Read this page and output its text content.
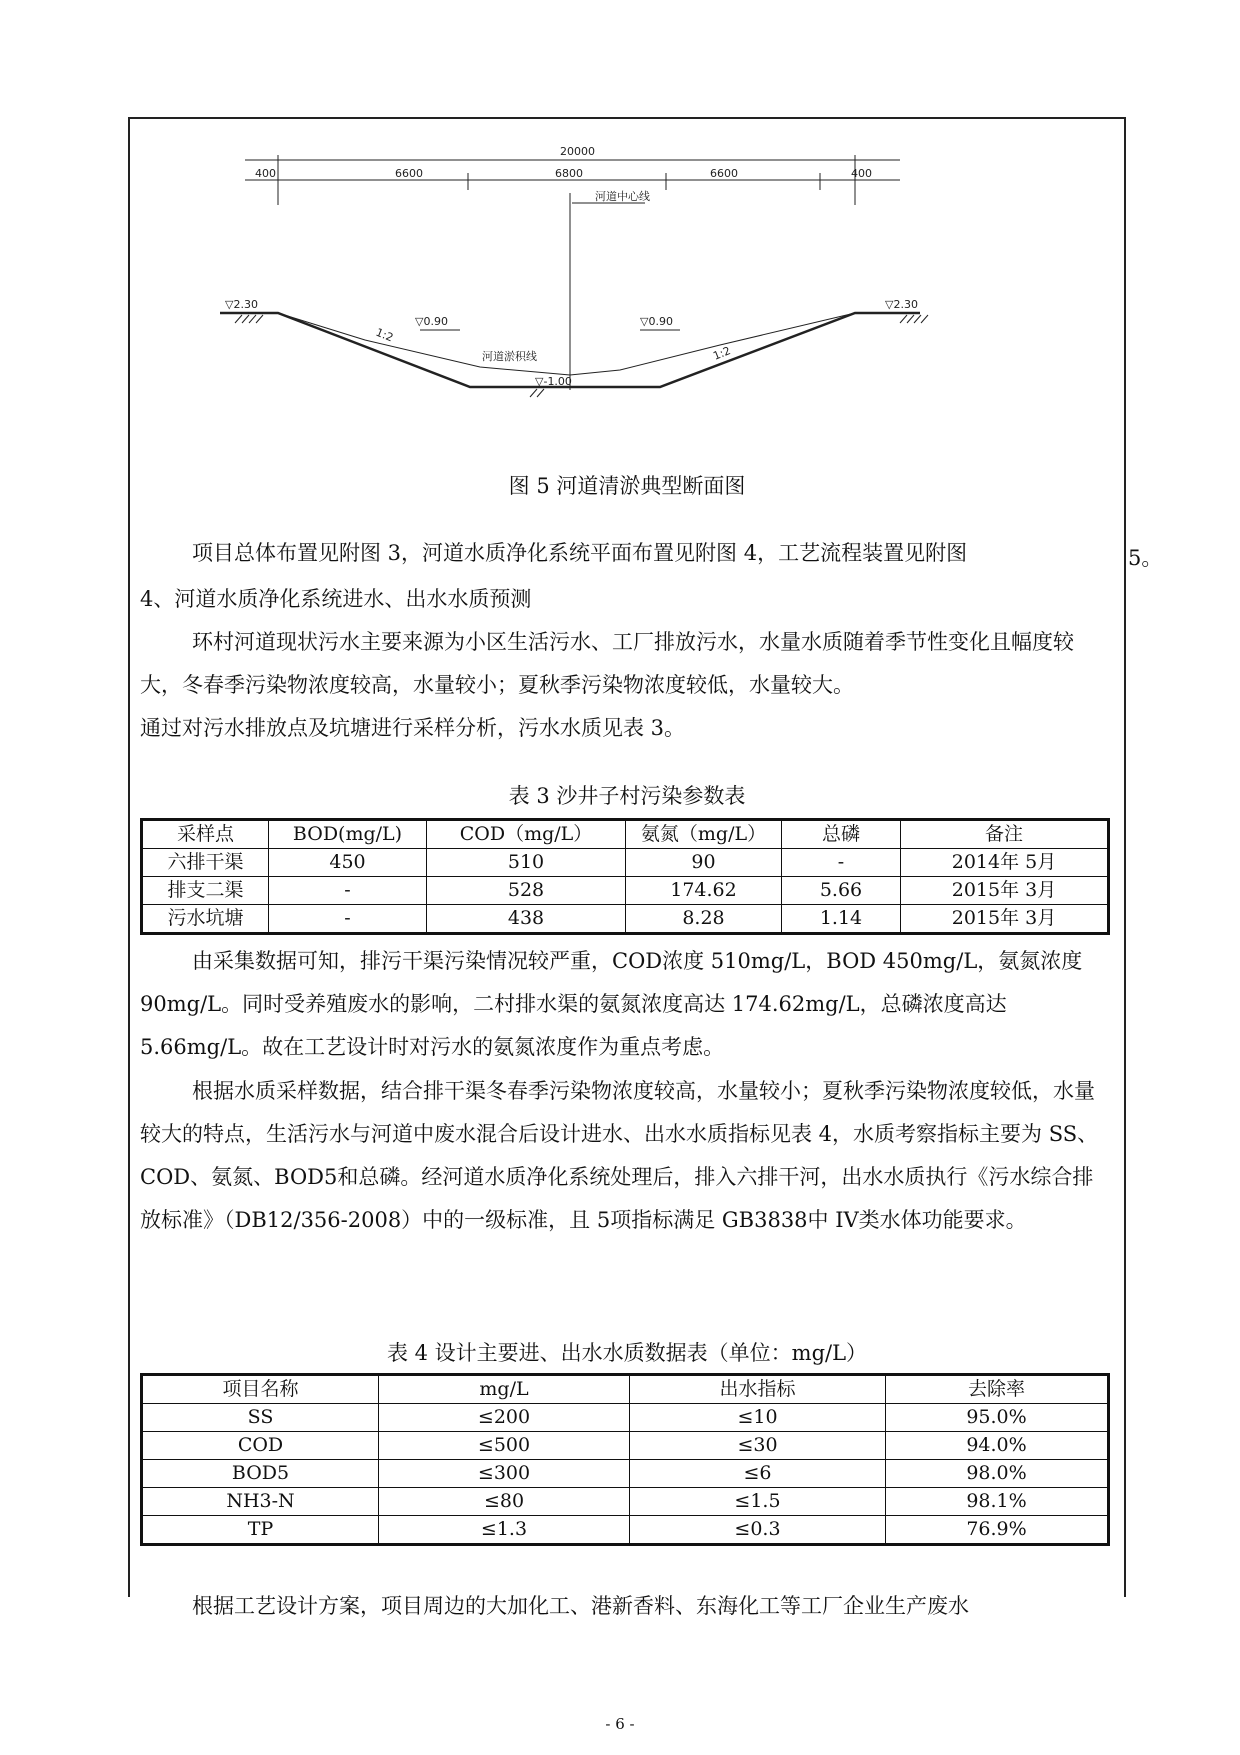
20000
400	6600	6800	6600	400
河道中心线
▽2.30	▽2.30
▽0.90	▽0.90
▽-1.00
1:2
1:2
河道淤积线
图 5 河道清淤典型断面图

项目总体布置见附图 3，河道水质净化系统平面布置见附图 4，工艺流程装置见附图	5。

4、河道水质净化系统进水、出水水质预测

环村河道现状污水主要来源为小区生活污水、工厂排放污水，水量水质随着季节性变化且幅度较大，冬春季污染物浓度较高，水量较小；夏秋季污染物浓度较低，水量较大。
通过对污水排放点及坑塘进行采样分析，污水水质见表 3。

表 3 沙井子村污染参数表
采样点	BOD(mg/L)	COD（mg/L）	氨氮（mg/L）	总磷	备注
六排干渠	450	510	90	-	2014年 5月
排支二渠	-	528	174.62	5.66	2015年 3月
污水坑塘	-	438	8.28	1.14	2015年 3月

由采集数据可知，排污干渠污染情况较严重，COD浓度 510mg/L，BOD 450mg/L，氨氮浓度 90mg/L。同时受养殖废水的影响，二村排水渠的氨氮浓度高达 174.62mg/L，总磷浓度高达 5.66mg/L。故在工艺设计时对污水的氨氮浓度作为重点考虑。

根据水质采样数据，结合排干渠冬春季污染物浓度较高，水量较小；夏秋季污染物浓度较低，水量较大的特点，生活污水与河道中废水混合后设计进水、出水水质指标见表 4，水质考察指标主要为 SS、COD、氨氮、BOD5和总磷。经河道水质净化系统处理后，排入六排干河，出水水质执行《污水综合排放标准》（DB12/356-2008）中的一级标准，且 5项指标满足 GB3838中 IV类水体功能要求。

表 4 设计主要进、出水水质数据表（单位：mg/L）
项目名称	mg/L	出水指标	去除率
SS	≤200	≤10	95.0%
COD	≤500	≤30	94.0%
BOD5	≤300	≤6	98.0%
NH3-N	≤80	≤1.5	98.1%
TP	≤1.3	≤0.3	76.9%

根据工艺设计方案，项目周边的大加化工、港新香料、东海化工等工厂企业生产废水

- 6 -
